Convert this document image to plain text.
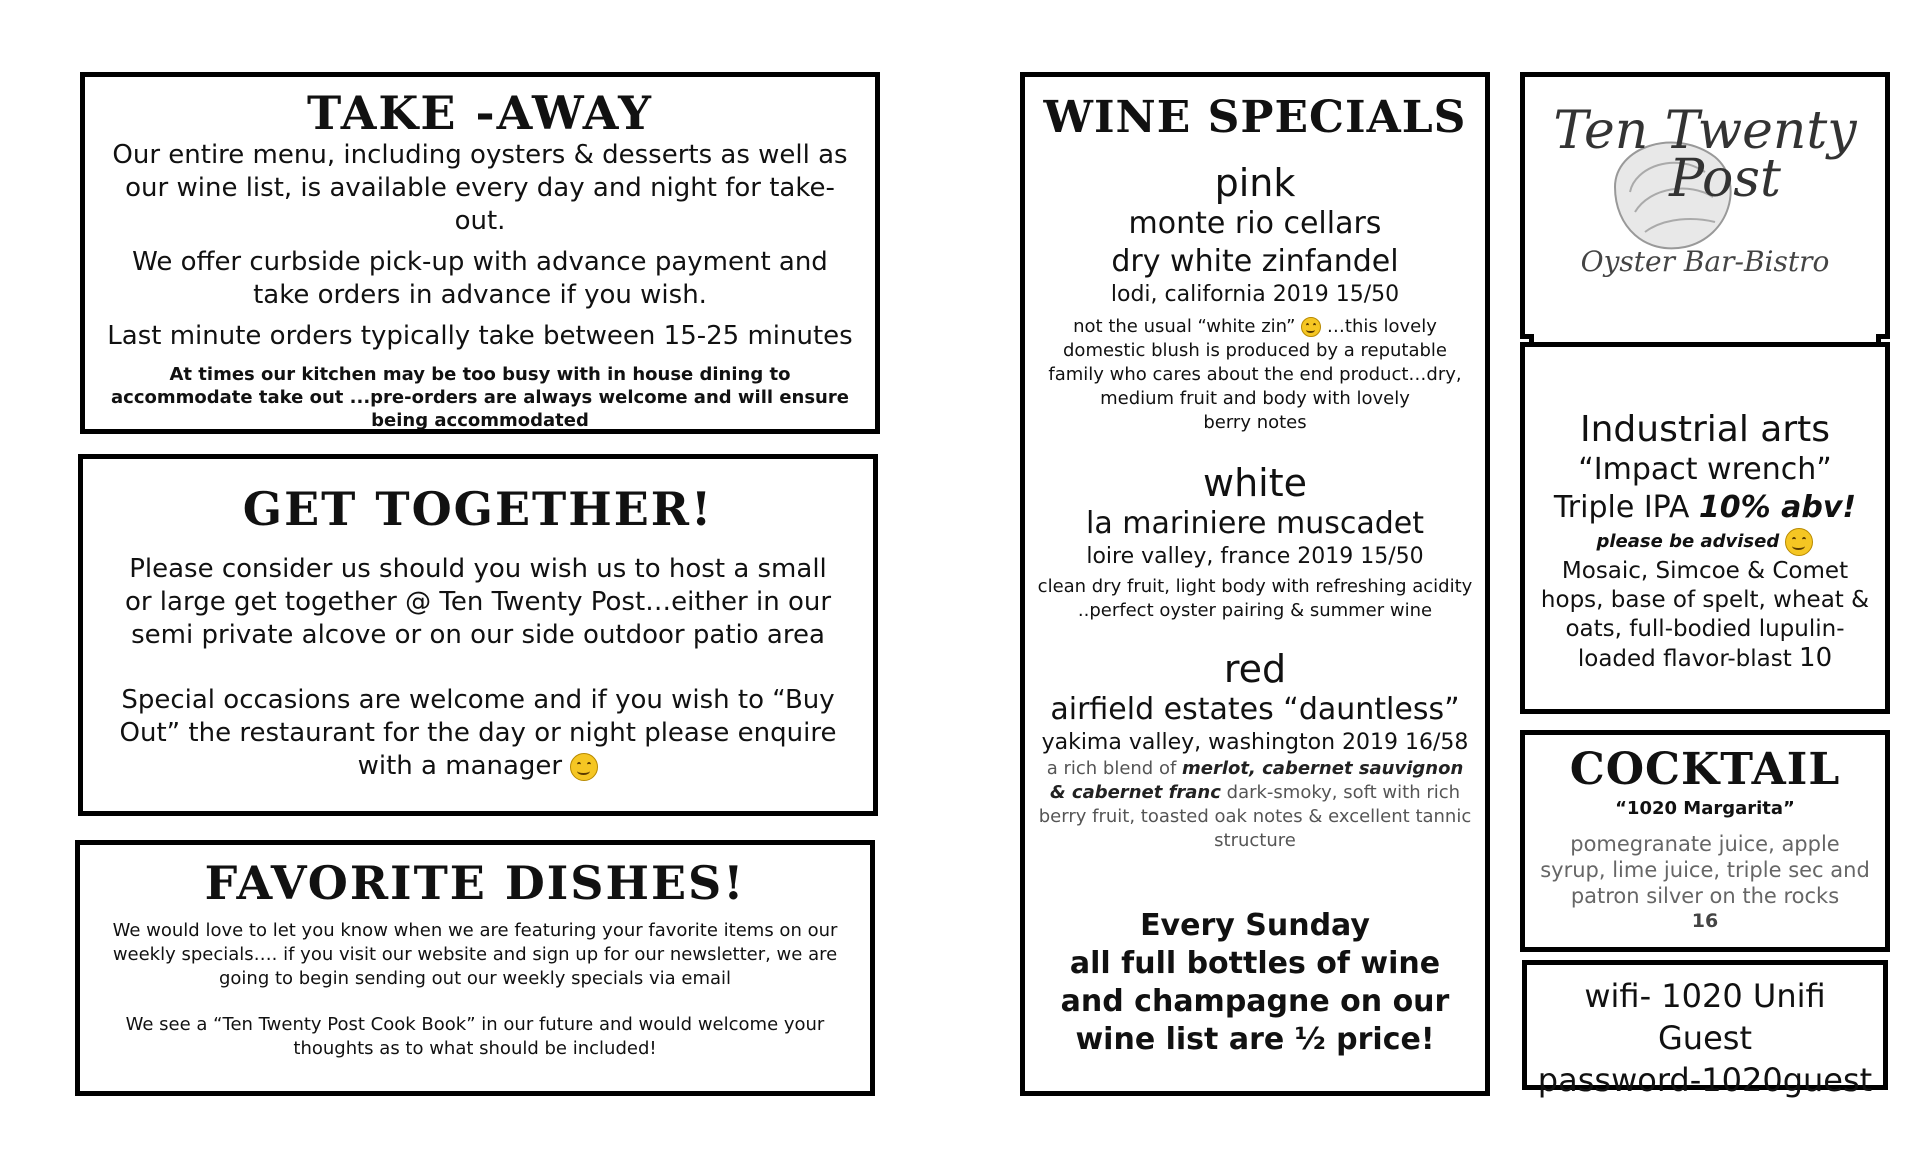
TAKE -AWAY

Our entire menu, including oysters & desserts as well as our wine list, is available every day and night for take-out.

We offer curbside pick-up with advance payment and take orders in advance if you wish.

Last minute orders typically take between 15-25 minutes

At times our kitchen may be too busy with in house dining to accommodate take out ...pre-orders are always welcome and will ensure being accommodated

GET TOGETHER!

Please consider us should you wish us to host a small or large get together @ Ten Twenty Post…either in our semi private alcove or on our side outdoor patio area

Special occasions are welcome and if you wish to “Buy Out” the restaurant for the day or night please enquire with a manager

FAVORITE DISHES!

We would love to let you know when we are featuring your favorite items on our weekly specials…. if you visit our website and sign up for our newsletter, we are going to begin sending out our weekly specials via email

We see a “Ten Twenty Post Cook Book” in our future and would welcome your thoughts as to what should be included!

WINE SPECIALS

pink

monte rio cellars

dry white zinfandel

lodi, california 2019 15/50

not the usual “white zin” …this lovely domestic blush is produced by a reputable family who cares about the end product…dry, medium fruit and body with lovely

berry notes

white

la mariniere muscadet

loire valley, france 2019 15/50

clean dry fruit, light body with refreshing acidity ..perfect oyster pairing & summer wine

red

airfield estates “dauntless”

yakima valley, washington 2019 16/58

a rich blend of merlot, cabernet sauvignon & cabernet franc dark-smoky, soft with rich berry fruit, toasted oak notes & excellent tannic structure

Every Sunday

all full bottles of wine and champagne on our wine list are ½ price!

Ten Twenty
Post
Oyster Bar-Bistro

Industrial arts

“Impact wrench”

Triple IPA 10% abv!

please be advised

Mosaic, Simcoe & Comet hops, base of spelt, wheat & oats, full-bodied lupulin-loaded flavor-blast 10

COCKTAIL

“1020 Margarita”

pomegranate juice, apple syrup, lime juice, triple sec and patron silver on the rocks

16

wifi- 1020 Unifi Guest

password-1020guest
